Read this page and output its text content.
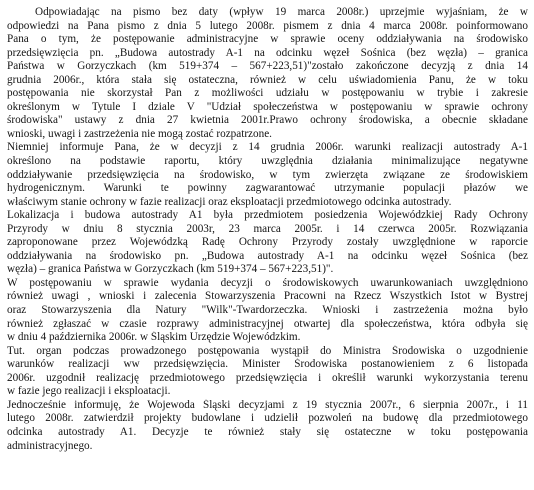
Odpowiadając na pismo bez daty (wpływ 19 marca 2008r.) uprzejmie wyjaśniam, że w
odpowiedzi na Pana pismo z dnia 5 lutego 2008r. pismem z dnia 4 marca 2008r. poinformowano
Pana o tym, że postępowanie administracyjne w sprawie oceny oddziaływania na środowisko
przedsięwzięcia pn. „Budowa autostrady A-1 na odcinku węzeł Sośnica (bez węzła) – granica
Państwa w Gorzyczkach (km 519+374 – 567+223,51)"zostało zakończone decyzją z dnia 14
grudnia 2006r., która stała się ostateczna, również w celu uświadomienia Panu, że w toku
postępowania nie skorzystał Pan z możliwości udziału w postępowaniu w trybie i zakresie
określonym w Tytule I dziale V "Udział społeczeństwa w postępowaniu w sprawie ochrony
środowiska" ustawy z dnia 27 kwietnia 2001r.Prawo ochrony środowiska, a obecnie składane
wnioski, uwagi i zastrzeżenia nie mogą zostać rozpatrzone.
Niemniej informuje Pana, że w decyzji z 14 grudnia 2006r. warunki realizacji autostrady A-1
określono na podstawie raportu, który uwzględnia działania minimalizujące negatywne
oddziaływanie przedsięwzięcia na środowisko, w tym zwierzęta związane ze środowiskiem
hydrogenicznym. Warunki te powinny zagwarantować utrzymanie populacji płazów we
właściwym stanie ochrony w fazie realizacji oraz eksploatacji przedmiotowego odcinka autostrady.
Lokalizacja i budowa autostrady A1 była przedmiotem posiedzenia Wojewódzkiej Rady Ochrony
Przyrody w dniu 8 stycznia 2003r, 23 marca 2005r. i 14 czerwca 2005r. Rozwiązania
zaproponowane przez Wojewódzką Radę Ochrony Przyrody zostały uwzględnione w raporcie
oddziaływania na środowisko pn. „Budowa autostrady A-1 na odcinku węzeł Sośnica (bez
węzła) – granica Państwa w Gorzyczkach (km 519+374 – 567+223,51)".
W postępowaniu w sprawie wydania decyzji o środowiskowych uwarunkowaniach uwzględniono
również uwagi , wnioski i zalecenia Stowarzyszenia Pracowni na Rzecz Wszystkich Istot w Bystrej
oraz Stowarzyszenia dla Natury "Wilk"-Twardorzeczka. Wnioski i zastrzeżenia można było
również zgłaszać w czasie rozprawy administracyjnej otwartej dla społeczeństwa, która odbyła się
w dniu 4 października 2006r. w Śląskim Urzędzie Wojewódzkim.
Tut. organ podczas prowadzonego postępowania wystąpił do Ministra Środowiska o uzgodnienie
warunków realizacji ww przedsięwzięcia. Minister Środowiska postanowieniem z 6 listopada
2006r. uzgodnił realizację przedmiotowego przedsięwzięcia i określił warunki wykorzystania terenu
w fazie jego realizacji i eksploatacji.
Jednocześnie informuję, że Wojewoda Śląski decyzjami z 19 stycznia 2007r., 6 sierpnia 2007r., i 11
lutego 2008r. zatwierdził projekty budowlane i udzielił pozwoleń na budowę dla przedmiotowego
odcinka autostrady A1. Decyzje te również stały się ostateczne w toku postępowania
administracyjnego.
